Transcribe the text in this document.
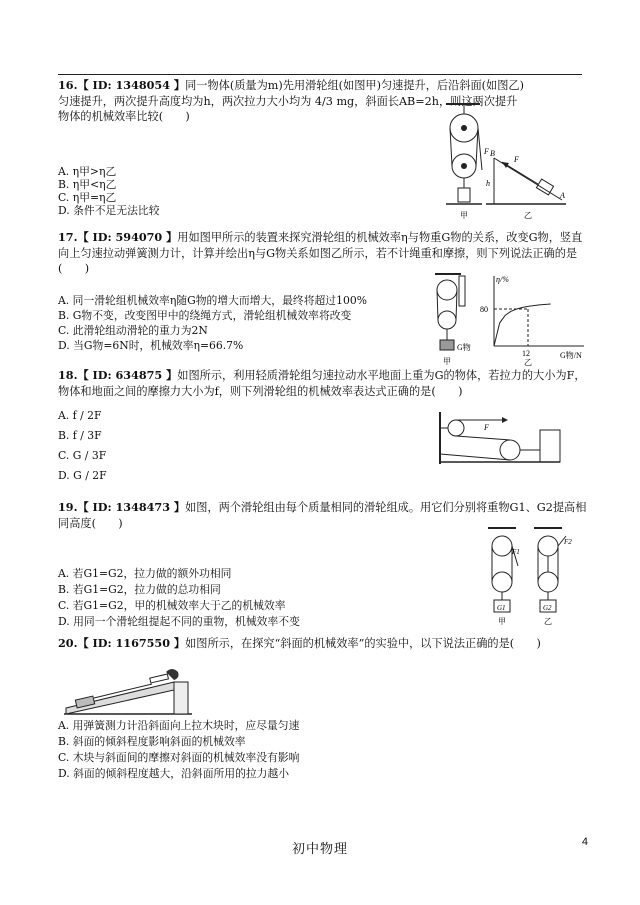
16.【 ID: 1348054 】同一物体(质量为m)先用滑轮组(如图甲)匀速提升，后沿斜面(如图乙)匀速提升，两次提升高度均为h，两次拉力大小均为 4/3 mg，斜面长AB=2h，则这两次提升物体的机械效率比较(　　)
A. η甲>η乙
B. η甲<η乙
C. η甲=η乙
D. 条件不足无法比较
F
甲
B
F
h
A
乙
17.【 ID: 594070 】用如图甲所示的装置来探究滑轮组的机械效率η与物重G物的关系，改变G物，竖直向上匀速拉动弹簧测力计，计算并绘出η与G物关系如图乙所示，若不计绳重和摩擦，则下列说法正确的是(　　)
A. 同一滑轮组机械效率η随G物的增大而增大，最终将超过100%
B. G物不变，改变图甲中的绕绳方式，滑轮组机械效率将改变
C. 此滑轮组动滑轮的重力为2N
D. 当G物=6N时，机械效率η=66.7%	G物
甲
η/%
G物/N
80
12
乙
18.【 ID: 634875 】如图所示，利用轻质滑轮组匀速拉动水平地面上重为G的物体，若拉力的大小为F，物体和地面之间的摩擦力大小为f，则下列滑轮组的机械效率表达式正确的是(　　)
A. f / 2F
B. f / 3F
C. G / 3F
D. G / 2F
F
19.【 ID: 1348473 】如图，两个滑轮组由每个质量相同的滑轮组成。用它们分别将重物G1、G2提高相同高度(　　)
A. 若G1=G2，拉力做的额外功相同
B. 若G1=G2，拉力做的总功相同
C. 若G1=G2，甲的机械效率大于乙的机械效率
D. 用同一个滑轮组提起不同的重物，机械效率不变
F1
G1
甲
F2
G2
乙
20.【 ID: 1167550 】如图所示，在探究“斜面的机械效率”的实验中，以下说法正确的是(　　)
A. 用弹簧测力计沿斜面向上拉木块时，应尽量匀速
B. 斜面的倾斜程度影响斜面的机械效率
C. 木块与斜面间的摩擦对斜面的机械效率没有影响
D. 斜面的倾斜程度越大，沿斜面所用的拉力越小
初中物理	4
